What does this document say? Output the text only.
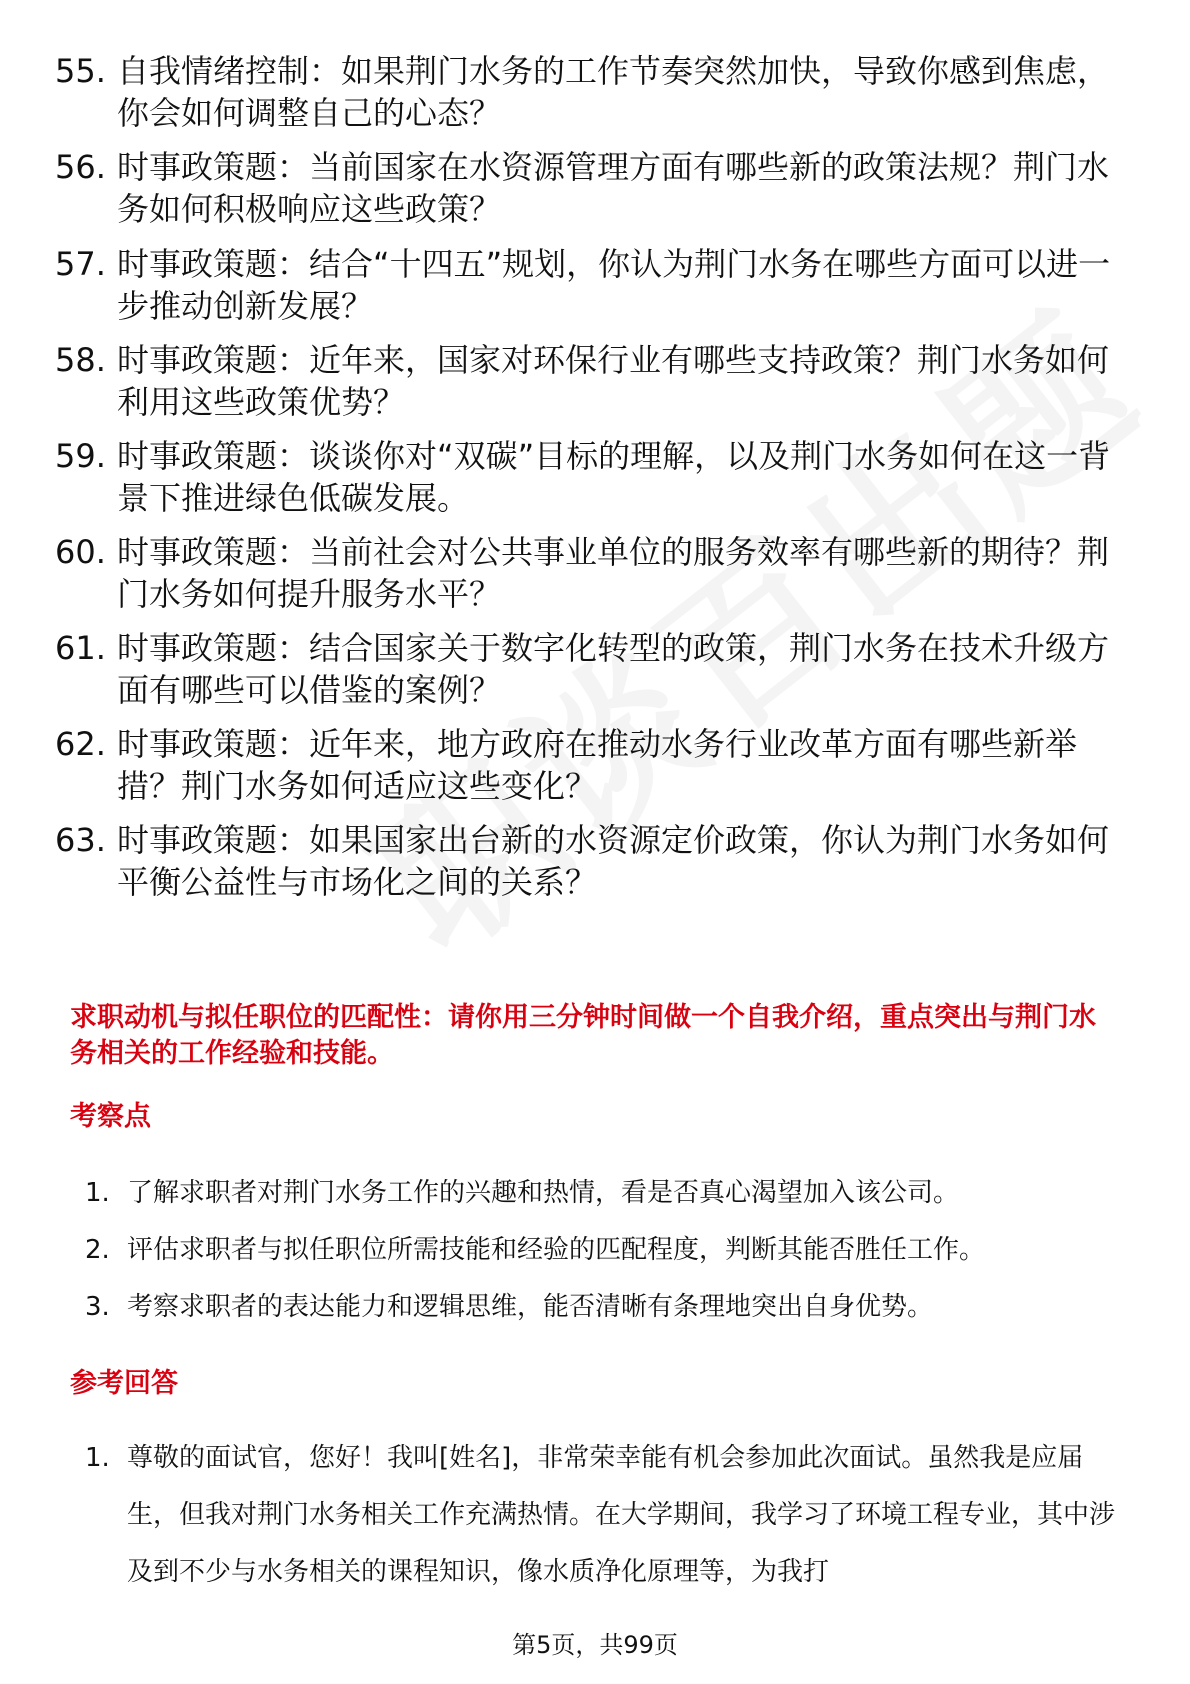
55. 自我情绪控制：如果荆门水务的工作节奏突然加快，导致你感到焦虑，你会如何调整自己的心态？
56. 时事政策题：当前国家在水资源管理方面有哪些新的政策法规？荆门水务如何积极响应这些政策？
57. 时事政策题：结合“十四五”规划，你认为荆门水务在哪些方面可以进一步推动创新发展？
58. 时事政策题：近年来，国家对环保行业有哪些支持政策？荆门水务如何利用这些政策优势？
59. 时事政策题：谈谈你对“双碳”目标的理解，以及荆门水务如何在这一背景下推进绿色低碳发展。
60. 时事政策题：当前社会对公共事业单位的服务效率有哪些新的期待？荆门水务如何提升服务水平？
61. 时事政策题：结合国家关于数字化转型的政策，荆门水务在技术升级方面有哪些可以借鉴的案例？
62. 时事政策题：近年来，地方政府在推动水务行业改革方面有哪些新举措？荆门水务如何适应这些变化？
63. 时事政策题：如果国家出台新的水资源定价政策，你认为荆门水务如何平衡公益性与市场化之间的关系？
求职动机与拟任职位的匹配性：请你用三分钟时间做一个自我介绍，重点突出与荆门水务相关的工作经验和技能。
考察点
1. 了解求职者对荆门水务工作的兴趣和热情，看是否真心渴望加入该公司。
2. 评估求职者与拟任职位所需技能和经验的匹配程度，判断其能否胜任工作。
3. 考察求职者的表达能力和逻辑思维，能否清晰有条理地突出自身优势。
参考回答
1. 尊敬的面试官，您好！我叫[姓名]，非常荣幸能有机会参加此次面试。虽然我是应届生，但我对荆门水务相关工作充满热情。在大学期间，我学习了环境工程专业，其中涉及到不少与水务相关的课程知识，像水质净化原理等，为我打
第5页，共99页
